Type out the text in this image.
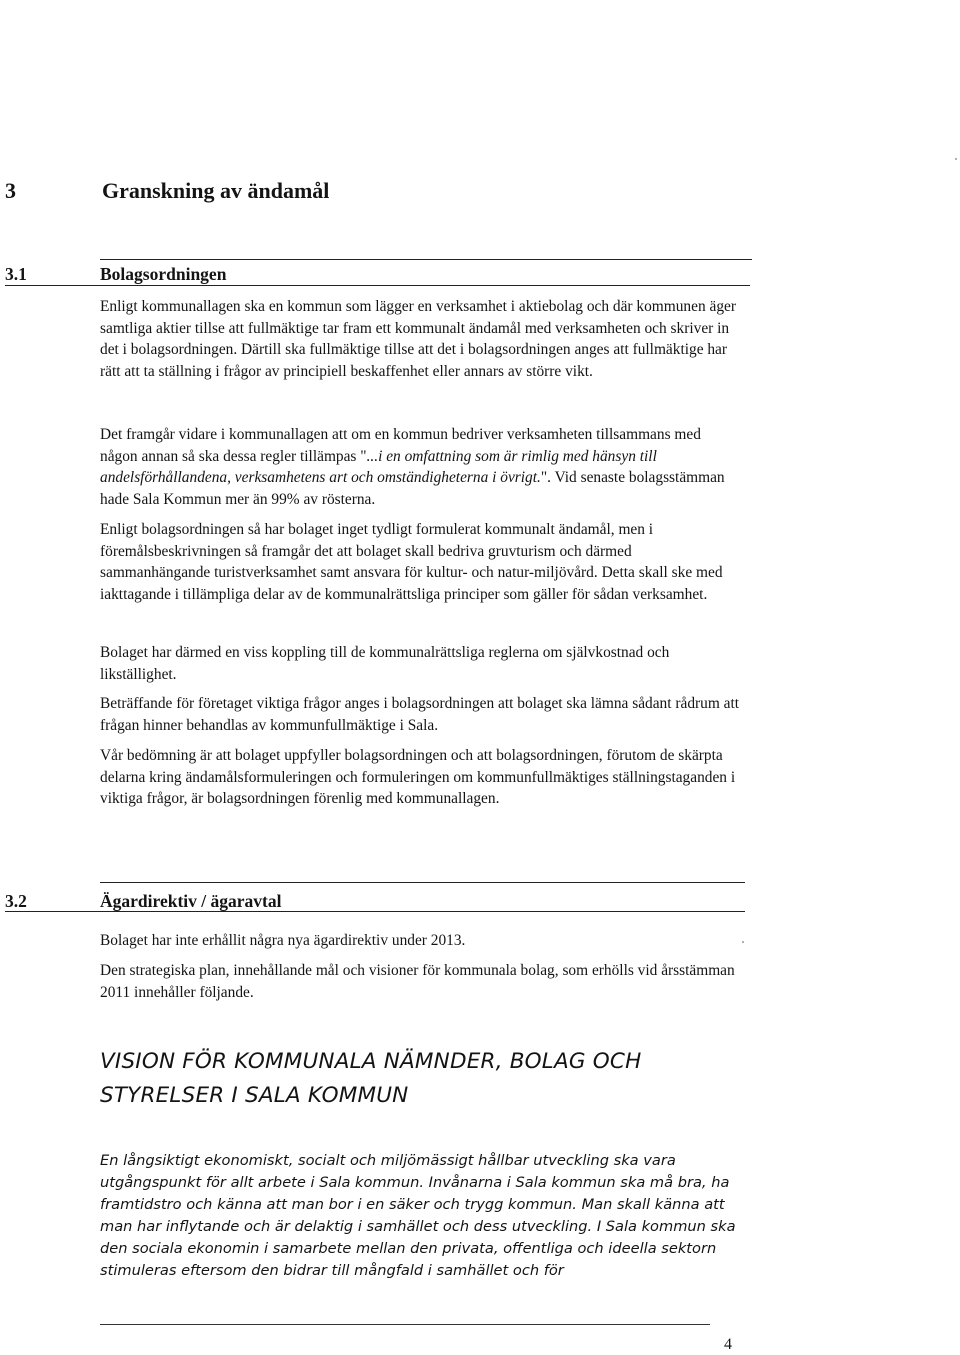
3	Granskning av ändamål
3.1	Bolagsordningen

Enligt kommunallagen ska en kommun som lägger en verksamhet i aktiebolag och där kommunen äger samtliga aktier tillse att fullmäktige tar fram ett kommunalt ändamål med verksamheten och skriver in det i bolagsordningen. Därtill ska fullmäktige tillse att det i bolagsordningen anges att fullmäktige har rätt att ta ställning i frågor av principiell beskaffenhet eller annars av större vikt.

Det framgår vidare i kommunallagen att om en kommun bedriver verksamheten tillsammans med någon annan så ska dessa regler tillämpas "...i en omfattning som är rimlig med hänsyn till andelsförhållandena, verksamhetens art och omständigheterna i övrigt.". Vid senaste bolagsstämman hade Sala Kommun mer än 99% av rösterna.

Enligt bolagsordningen så har bolaget inget tydligt formulerat kommunalt ändamål, men i föremålsbeskrivningen så framgår det att bolaget skall bedriva gruvturism och därmed sammanhängande turistverksamhet samt ansvara för kultur- och natur-miljövård. Detta skall ske med iakttagande i tillämpliga delar av de kommunalrättsliga principer som gäller för sådan verksamhet.

Bolaget har därmed en viss koppling till de kommunalrättsliga reglerna om självkostnad och likställighet.

Beträffande för företaget viktiga frågor anges i bolagsordningen att bolaget ska lämna sådant rådrum att frågan hinner behandlas av kommunfullmäktige i Sala.

Vår bedömning är att bolaget uppfyller bolagsordningen och att bolagsordningen, förutom de skärpta delarna kring ändamålsformuleringen och formuleringen om kommunfullmäktiges ställningstaganden i viktiga frågor, är bolagsordningen förenlig med kommunallagen.

3.2	Ägardirektiv / ägaravtal

Bolaget har inte erhållit några nya ägardirektiv under 2013.

Den strategiska plan, innehållande mål och visioner för kommunala bolag, som erhölls vid årsstämman 2011 innehåller följande.

VISION FÖR KOMMUNALA NÄMNDER, BOLAG OCH STYRELSER I SALA KOMMUN
En långsiktigt ekonomiskt, socialt och miljömässigt hållbar utveckling ska vara utgångspunkt för allt arbete i Sala kommun. Invånarna i Sala kommun ska må bra, ha framtidstro och känna att man bor i en säker och trygg kommun. Man skall känna att man har inflytande och är delaktig i samhället och dess utveckling. I Sala kommun ska den sociala ekonomin i samarbete mellan den privata, offentliga och ideella sektorn stimuleras eftersom den bidrar till mångfald i samhället och för
4
